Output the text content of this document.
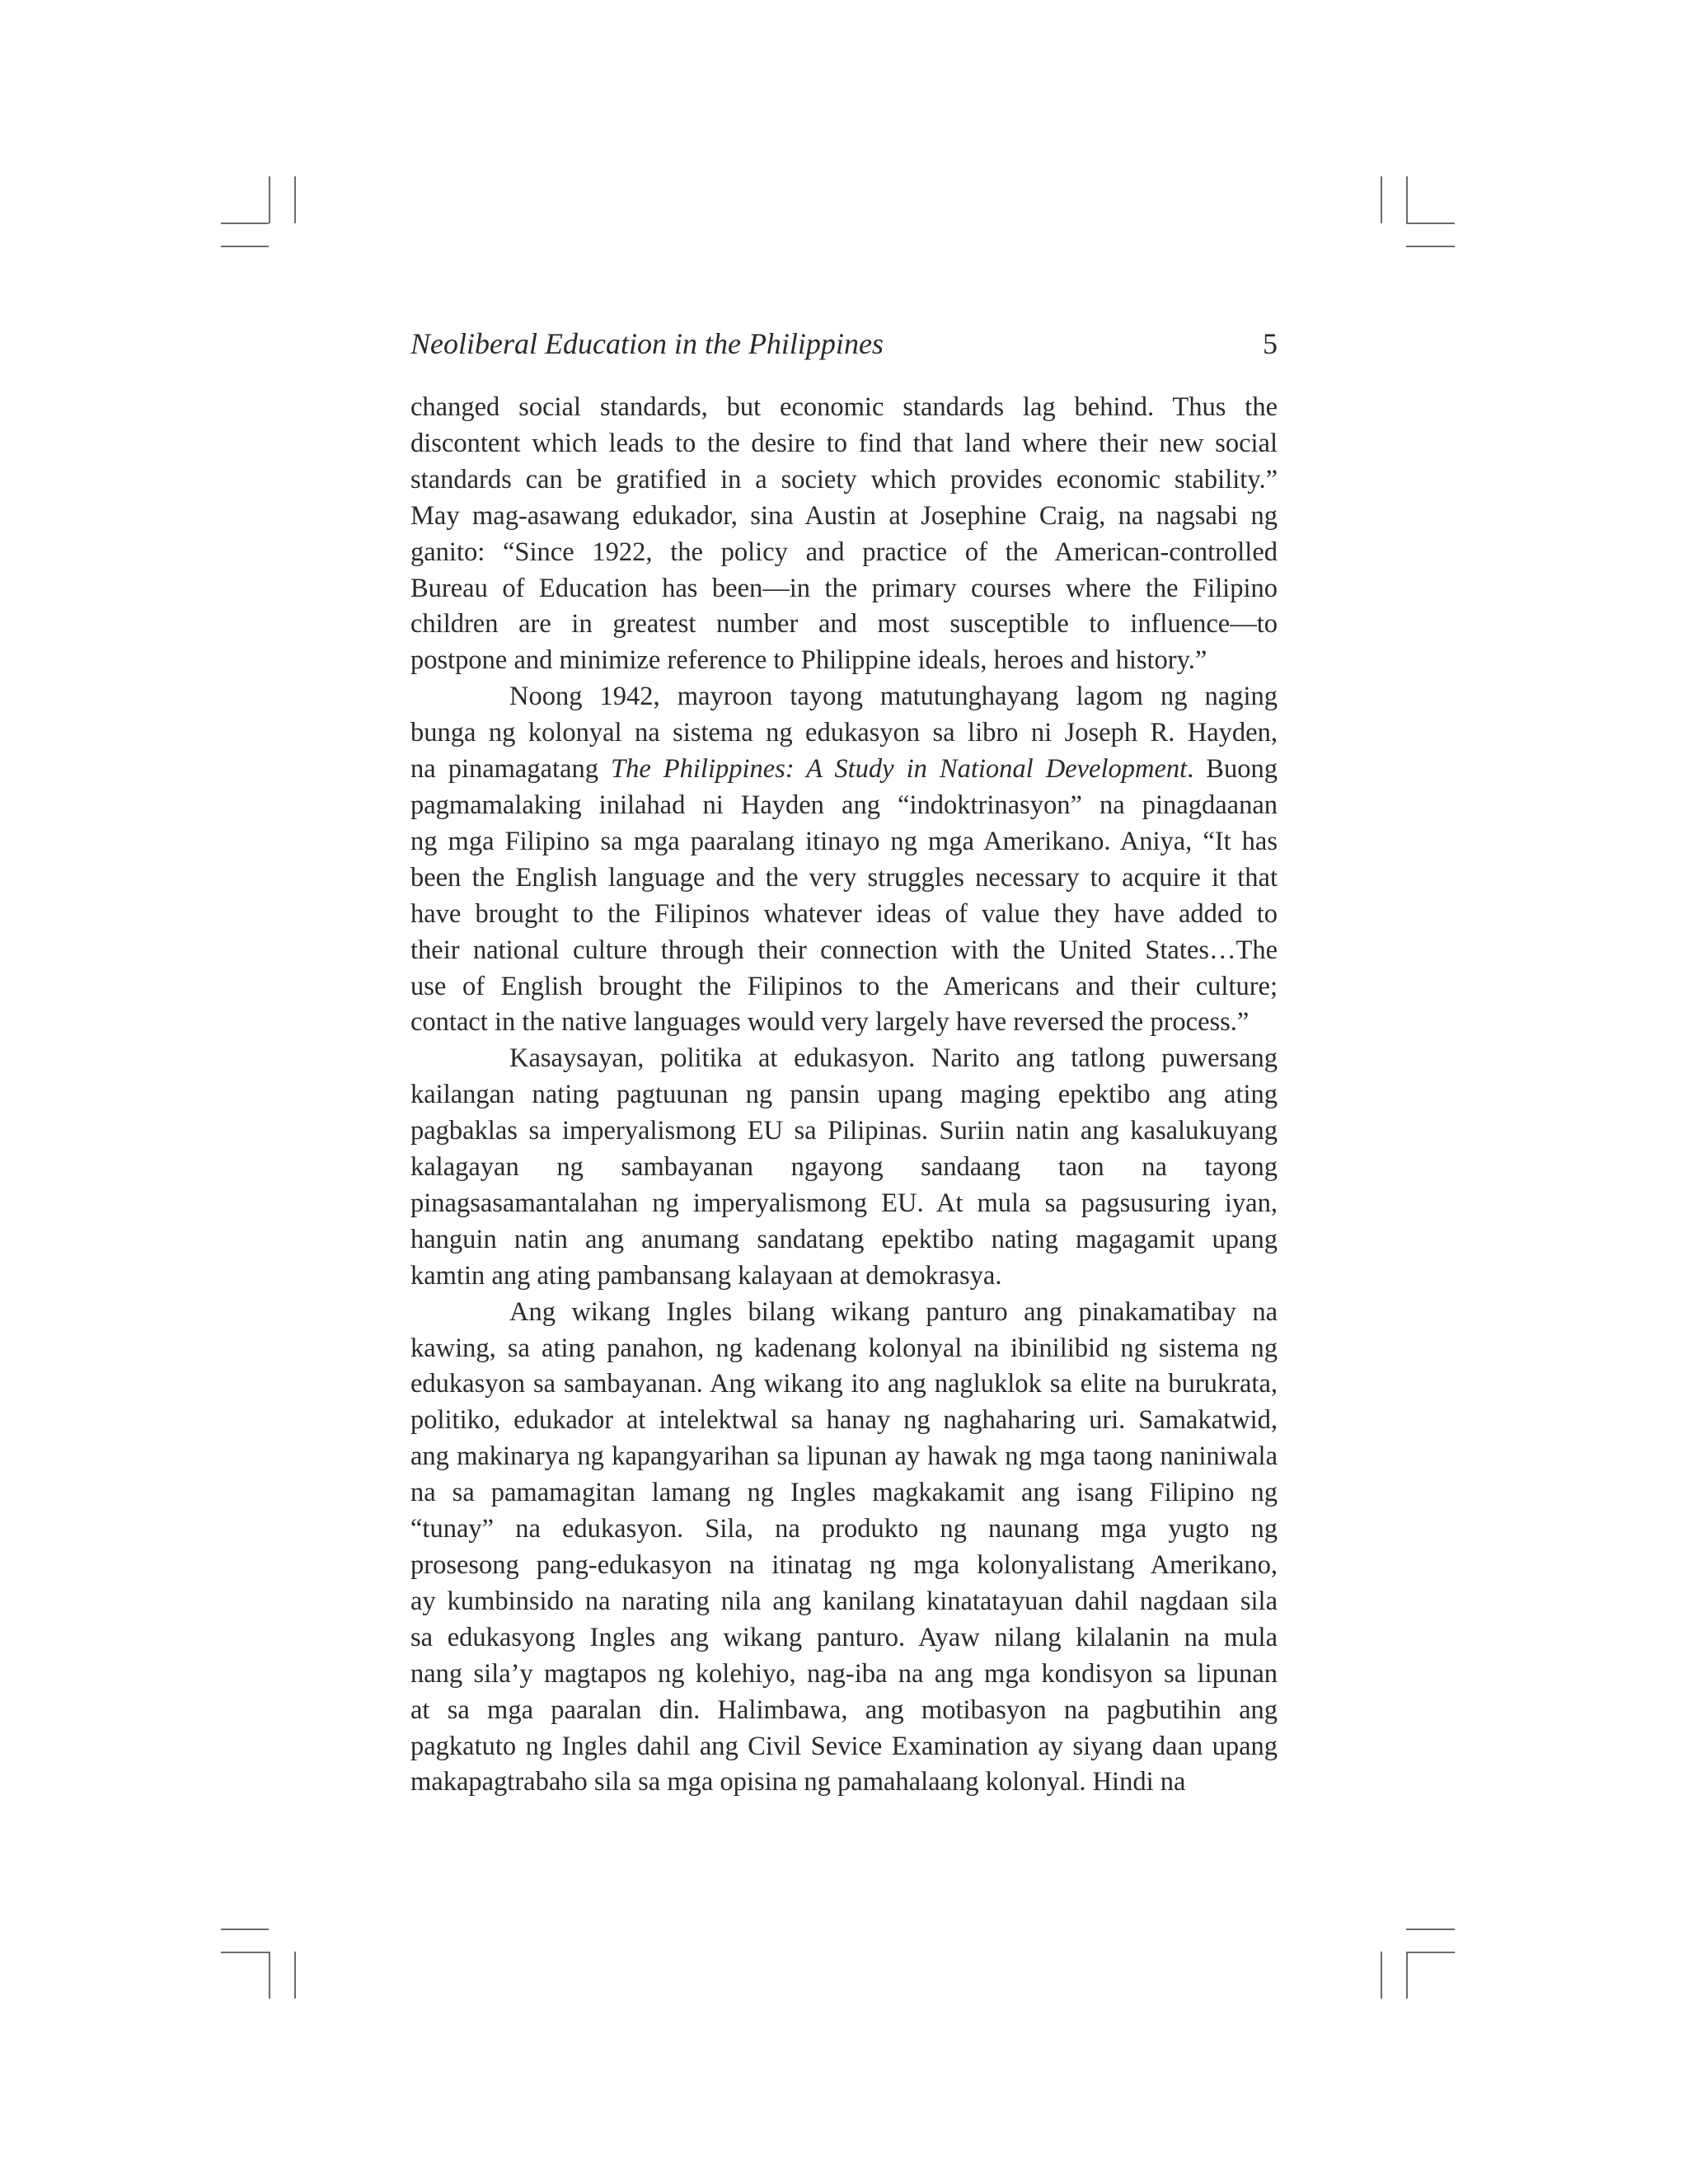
Neoliberal Education in the Philippines	5

changed social standards, but economic standards lag behind. Thus the

discontent which leads to the desire to find that land where their new social

standards can be gratified in a society which provides economic stability.”

May mag-asawang edukador, sina Austin at Josephine Craig, na nagsabi ng

ganito: “Since 1922, the policy and practice of the American-controlled

Bureau of Education has been—in the primary courses where the Filipino

children are in greatest number and most susceptible to influence—to

postpone and minimize reference to Philippine ideals, heroes and history.”

Noong 1942, mayroon tayong matutunghayang lagom ng naging

bunga ng kolonyal na sistema ng edukasyon sa libro ni Joseph R. Hayden,

na pinamagatang The Philippines: A Study in National Development. Buong

pagmamalaking inilahad ni Hayden ang “indoktrinasyon” na pinagdaanan

ng mga Filipino sa mga paaralang itinayo ng mga Amerikano. Aniya, “It has

been the English language and the very struggles necessary to acquire it that

have brought to the Filipinos whatever ideas of value they have added to

their national culture through their connection with the United States…The

use of English brought the Filipinos to the Americans and their culture;

contact in the native languages would very largely have reversed the process.”

Kasaysayan, politika at edukasyon. Narito ang tatlong puwersang

kailangan nating pagtuunan ng pansin upang maging epektibo ang ating

pagbaklas sa imperyalismong EU sa Pilipinas. Suriin natin ang kasalukuyang

kalagayan ng sambayanan ngayong sandaang taon na tayong

pinagsasamantalahan ng imperyalismong EU. At mula sa pagsusuring iyan,

hanguin natin ang anumang sandatang epektibo nating magagamit upang

kamtin ang ating pambansang kalayaan at demokrasya.

Ang wikang Ingles bilang wikang panturo ang pinakamatibay na

kawing, sa ating panahon, ng kadenang kolonyal na ibinilibid ng sistema ng

edukasyon sa sambayanan. Ang wikang ito ang nagluklok sa elite na burukrata,

politiko, edukador at intelektwal sa hanay ng naghaharing uri. Samakatwid,

ang makinarya ng kapangyarihan sa lipunan ay hawak ng mga taong naniniwala

na sa pamamagitan lamang ng Ingles magkakamit ang isang Filipino ng

“tunay” na edukasyon. Sila, na produkto ng naunang mga yugto ng

prosesong pang-edukasyon na itinatag ng mga kolonyalistang Amerikano,

ay kumbinsido na narating nila ang kanilang kinatatayuan dahil nagdaan sila

sa edukasyong Ingles ang wikang panturo. Ayaw nilang kilalanin na mula

nang sila’y magtapos ng kolehiyo, nag-iba na ang mga kondisyon sa lipunan

at sa mga paaralan din. Halimbawa, ang motibasyon na pagbutihin ang

pagkatuto ng Ingles dahil ang Civil Sevice Examination ay siyang daan upang

makapagtrabaho sila sa mga opisina ng pamahalaang kolonyal. Hindi na
